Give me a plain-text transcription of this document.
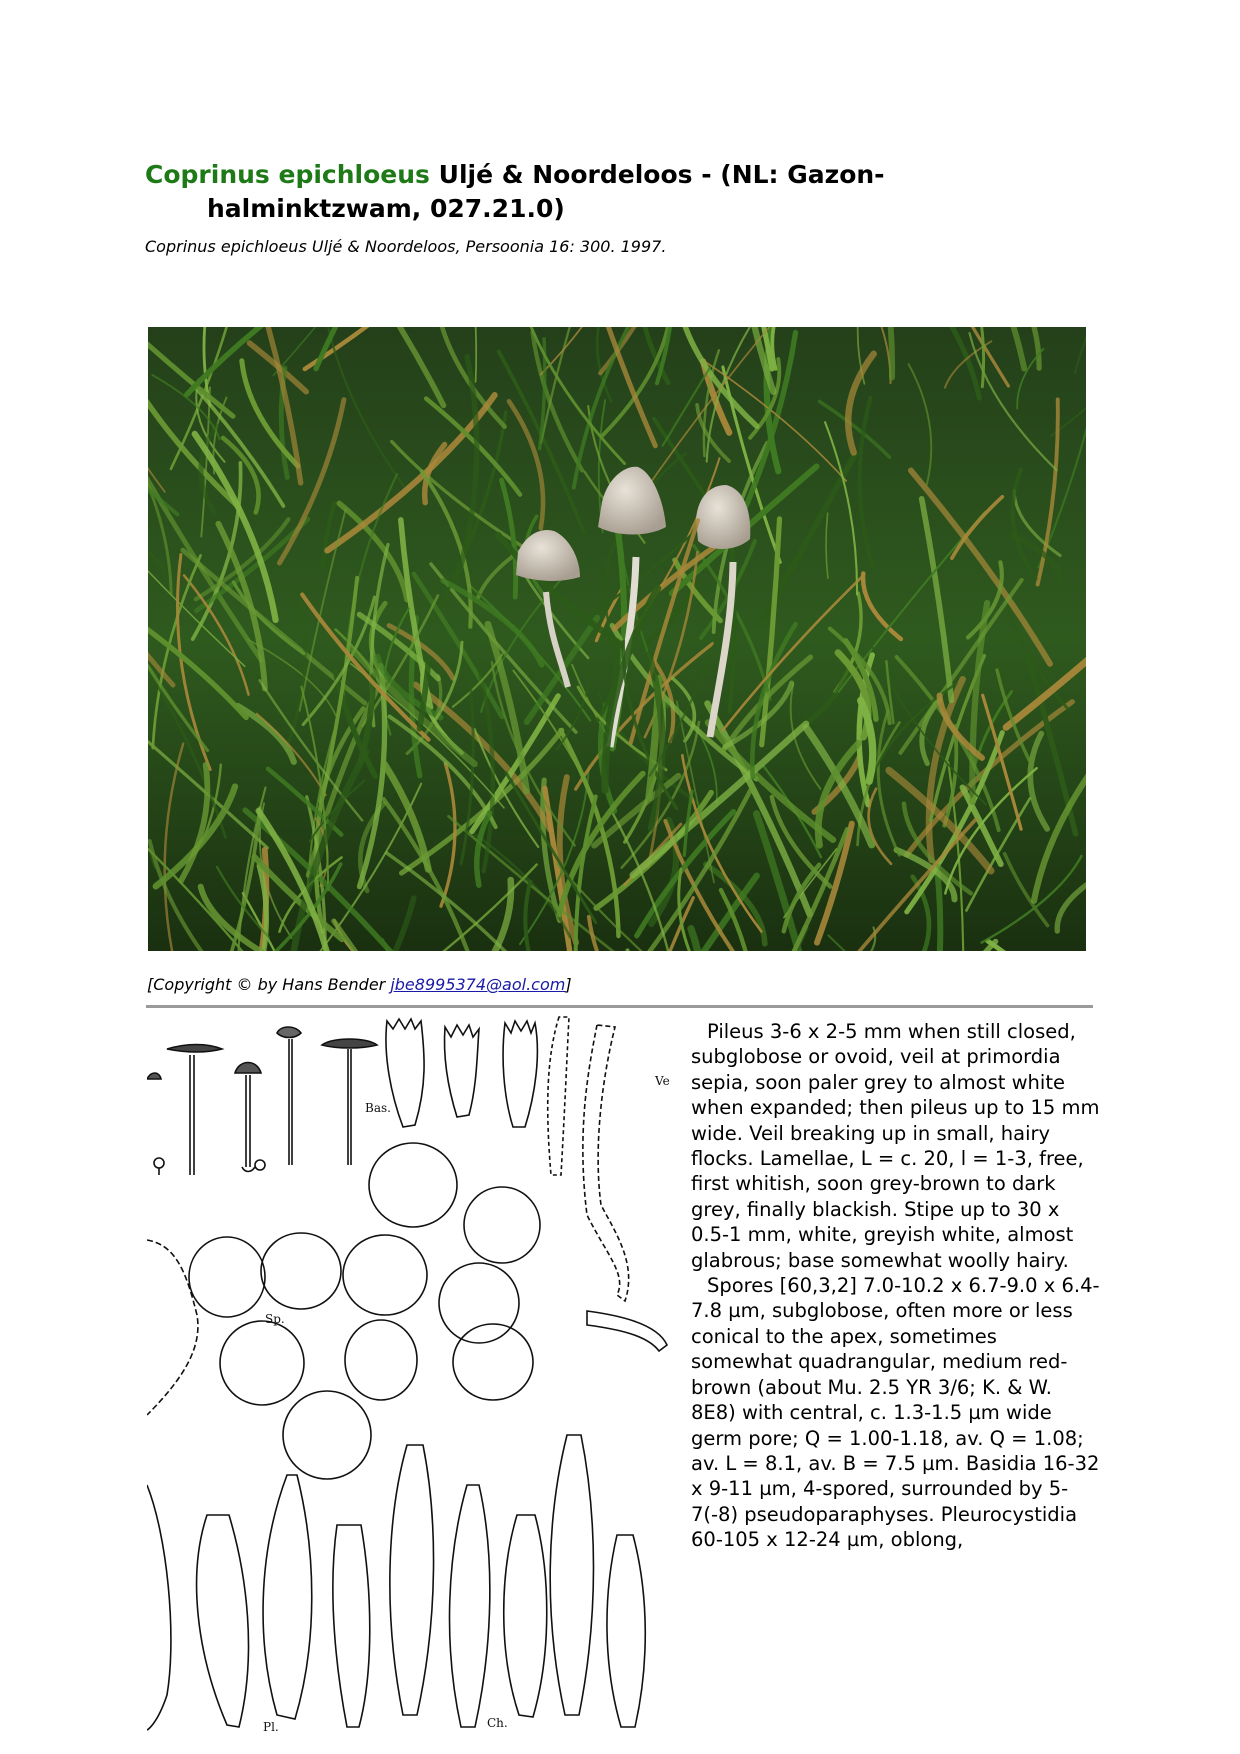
Coprinus epichloeus Uljé & Noordeloos - (NL: Gazon-
halminktzwam, 027.21.0)

Coprinus epichloeus Uljé & Noordeloos, Persoonia 16: 300. 1997.

[Copyright © by Hans Bender jbe8995374@aol.com]

Bas.
Ve
Sp.
Pl.	Ch.

Pileus 3-6 x 2-5 mm when still closed, subglobose or ovoid, veil at primordia sepia, soon paler grey to almost white when expanded; then pileus up to 15 mm wide. Veil breaking up in small, hairy flocks. Lamellae, L = c. 20, l = 1-3, free, first whitish, soon grey-brown to dark grey, finally blackish. Stipe up to 30 x 0.5-1 mm, white, greyish white, almost glabrous; base somewhat woolly hairy.

Spores [60,3,2] 7.0-10.2 x 6.7-9.0 x 6.4-7.8 µm, subglobose, often more or less conical to the apex, sometimes somewhat quadrangular, medium red-brown (about Mu. 2.5 YR 3/6; K. & W. 8E8) with central, c. 1.3-1.5 µm wide germ pore; Q = 1.00-1.18, av. Q = 1.08; av. L = 8.1, av. B = 7.5 µm. Basidia 16-32 x 9-11 µm, 4-spored, surrounded by 5-7(-8) pseudoparaphyses. Pleurocystidia 60-105 x 12-24 µm, oblong,
